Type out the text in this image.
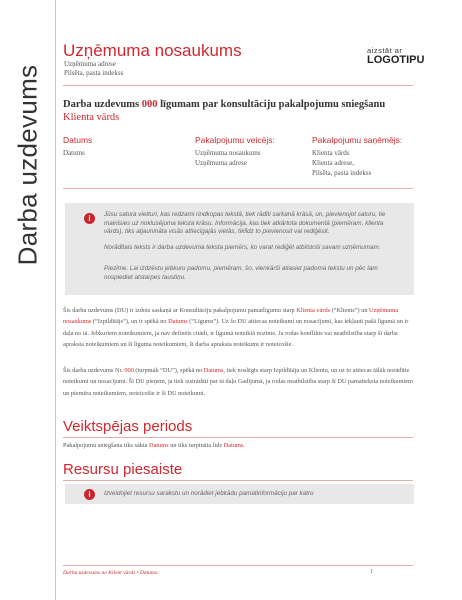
Darba uzdevums
Uzņēmuma nosaukums
Uzņēmuma adrese
Pilsēta, pasta indekss
aizstāt ar
LOGOTIPU
Darba uzdevums 000 līgumam par konsultāciju pakalpojumu sniegšanu
Klienta vārds
Datums
Datums
Pakalpojumu veicējs:
Uzņēmuma nosaukums
Uzņēmuma adrese
Pakalpojumu saņēmējs:
Klienta vārds
Klienta adrese,
Pilsēta, pasta indekss
i	Jūsu satura vietturi, kas redzami rindkopas tekstā, tiek rādīti sarkanā krāsā, un, pievienojot saturu, tie mainīsies uz noklusējuma teksta krāsu. Informācija, kas tiek atkārtota dokumentā (piemēram, klienta vārds), tiks atjaunināta visās attiecīgajās vietās, tiklīdz to pievienosit vai rediģēsit.
Norādītais teksts ir darba uzdevuma teksta piemērs, ko varat rediģēt atbilstoši savam uzņēmumam.
Piezīme. Lai izdzēstu jebkuru padomu, piemēram, šo, vienkārši atlasiet padoma tekstu un pēc tam nospiediet atstarpes taustiņu.
Šis darba uzdevums (DU) ir izdots saskaņā ar Konsultāciju pakalpojumu pamatlīgumu starp Klienta vārds (“Klients”) un Uzņēmuma nosaukums (“Izpildītājs”), un ir spēkā no Datums (“Līgums”). Uz šo DU attiecas noteikumi un nosacījumi, kas iekļauti pašā līgumā un ir daļa no tā. Jebkuriem noteikumiem, ja nav definēts citādi, ir līgumā noteiktā nozīme. Ja rodas konflikts vai neatbilstība starp šī darba apraksta noteikumiem un šī līguma noteikumiem, šī darba apraksta noteikumi ir noteicošie.
Šis darba uzdevums Nr. 000 (turpmāk “DU”), spēkā no Datums, tiek noslēgts starp Izpildītāju un Klientu, un uz to attiecas tālāk norādītie noteikumi un nosacījumi. Šī DU pieņem, ja tiek izstrādāti par tā daļu Gadījumā, ja rodas neatbilstība starp šī DU pamatteksta noteikumiem un piemēra noteikumiem, noteicošie ir šī DU noteikumi.
Veiktspējas periods
Pakalpojumu sniegšana tiks sākta Datums un tiks turpināta līdz Datums.
Resursu piesaiste
i	Izveidojiet resursu sarakstu un norādiet jebkādu pamatinformāciju par katru
Darba uzdevums no Klient vārds • Datums:	1
